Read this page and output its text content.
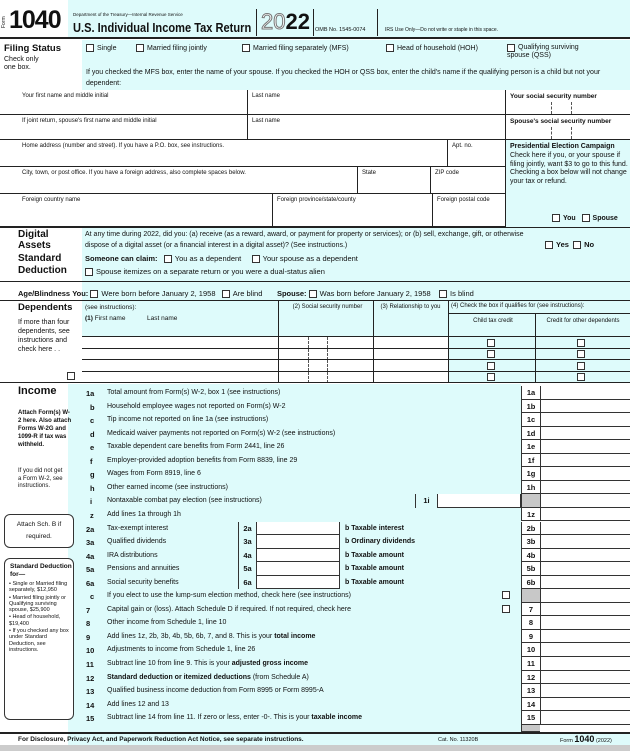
Form 1040	Department of the Treasury—Internal Revenue Service
U.S. Individual Income Tax Return 2022 OMB No. 1545-0074	IRS Use Only—Do not write or staple in this space.
Filing Status
Check only one box.
Single	Married filing jointly	Married filing separately (MFS)	Head of household (HOH)	Qualifying surviving spouse (QSS)
If you checked the MFS box, enter the name of your spouse. If you checked the HOH or QSS box, enter the child's name if the qualifying person is a child but not your dependent:
Your first name and middle initial	Last name	Your social security number
If joint return, spouse's first name and middle initial	Last name	Spouse's social security number
Home address (number and street). If you have a P.O. box, see instructions.	Apt. no.
City, town, or post office. If you have a foreign address, also complete spaces below.	State	ZIP code
Foreign country name	Foreign province/state/county	Foreign postal code
Presidential Election Campaign
Check here if you, or your spouse if filing jointly, want $3 to go to this fund. Checking a box below will not change your tax or refund.
You Spouse
Digital
Assets
At any time during 2022, did you: (a) receive (as a reward, award, or payment for property or services); or (b) sell, exchange, gift, or otherwise dispose of a digital asset (or a financial interest in a digital asset)? (See instructions.)	Yes No
Standard
Deduction
Someone can claim: You as a dependent	Your spouse as a dependent
Spouse itemizes on a separate return or you were a dual-status alien
Age/Blindness You: Were born before January 2, 1958 Are blind Spouse: Was born before January 2, 1958	Is blind
Dependents (see instructions):
If more than four dependents, see instructions and check here . .
(1) First name	Last name
(2) Social security number	(3) Relationship to you	(4) Check the box if qualifies for (see instructions):
Child tax credit	Credit for other dependents
Income
Attach Form(s) W-2 here. Also attach Forms W-2G and 1099-R if tax was withheld.
If you did not get a Form W-2, see instructions.
Attach Sch. B if required.
Standard Deduction for—
• Single or Married filing separately, $12,950
• Married filing jointly or Qualifying surviving spouse, $25,900
• Head of household, $19,400
• If you checked any box under Standard Deduction, see instructions.
1a Total amount from Form(s) W-2, box 1 (see instructions)	1a
b Household employee wages not reported on Form(s) W-2	1b
c Tip income not reported on line 1a (see instructions)	1c
d Medicaid waiver payments not reported on Form(s) W-2 (see instructions)	1d
e Taxable dependent care benefits from Form 2441, line 26	1e
f Employer-provided adoption benefits from Form 8839, line 29	1f
g Wages from Form 8919, line 6	1g
h Other earned income (see instructions)	1h
i Nontaxable combat pay election (see instructions)	1i
z Add lines 1a through 1h	1z
2a Tax-exempt interest	2a	b Taxable interest	2b
3a Qualified dividends	3a	b Ordinary dividends	3b
4a IRA distributions	4a	b Taxable amount	4b
5a Pensions and annuities	5a	b Taxable amount	5b
6a Social security benefits	6a	b Taxable amount	6b
c If you elect to use the lump-sum election method, check here (see instructions)
7 Capital gain or (loss). Attach Schedule D if required. If not required, check here	7
8 Other income from Schedule 1, line 10	8
9 Add lines 1z, 2b, 3b, 4b, 5b, 6b, 7, and 8. This is your total income	9
10 Adjustments to income from Schedule 1, line 26	10
11 Subtract line 10 from line 9. This is your adjusted gross income	11
12 Standard deduction or itemized deductions (from Schedule A)	12
13 Qualified business income deduction from Form 8995 or Form 8995-A	13
14 Add lines 12 and 13	14
15 Subtract line 14 from line 11. If zero or less, enter -0-. This is your taxable income	15
For Disclosure, Privacy Act, and Paperwork Reduction Act Notice, see separate instructions.	Cat. No. 11320B	Form 1040 (2022)
